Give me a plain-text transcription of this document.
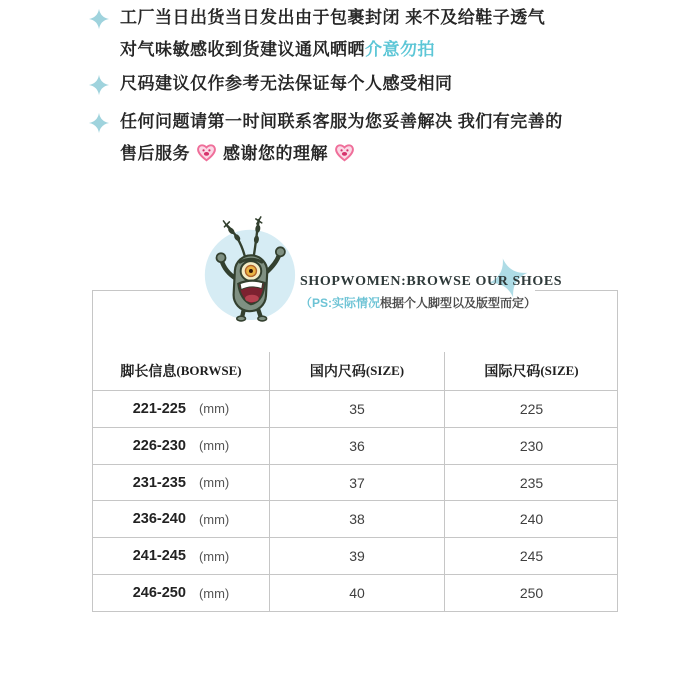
工厂当日出货当日发出由于包裹封闭 来不及给鞋子透气
对气味敏感收到货建议通风晒晒介意勿拍
尺码建议仅作参考无法保证每个人感受相同
任何问题请第一时间联系客服为您妥善解决 我们有完善的
售后服务 感谢您的理解
脚长信息 (BORWSE)	国内尺码 (SIZE)	国际尺码 (SIZE)
221-225 (mm)	35	225
226-230 (mm)	36	230
231-235 (mm)	37	235
236-240 (mm)	38	240
241-245 (mm)	39	245
246-250 (mm)	40	250
SHOPWOMEN:BROWSE OUR SHOES
（PS:实际情况根据个人脚型以及版型而定）
